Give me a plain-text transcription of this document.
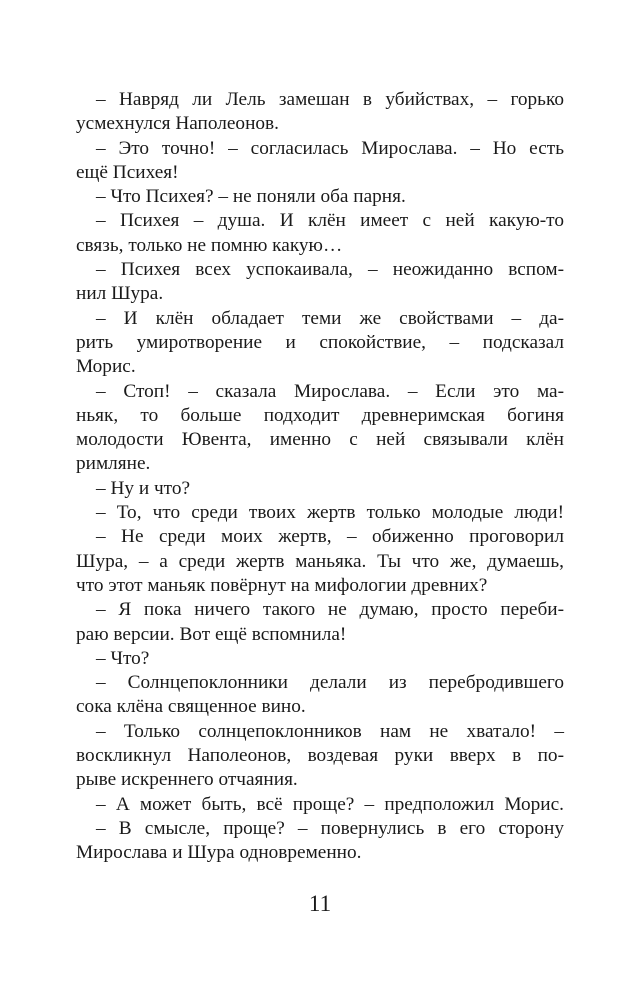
– Навряд ли Лель замешан в убийствах, – горько
усмехнулся Наполеонов.
– Это точно! – согласилась Мирослава. – Но есть
ещё Психея!
– Что Психея? – не поняли оба парня.
– Психея – душа. И клён имеет с ней какую-то
связь, только не помню какую…
– Психея всех успокаивала, – неожиданно вспом-
нил Шура.
– И клён обладает теми же свойствами – да-
рить умиротворение и спокойствие, – подсказал
Морис.
– Стоп! – сказала Мирослава. – Если это ма-
ньяк, то больше подходит древнеримская богиня
молодости Ювента, именно с ней связывали клён
римляне.
– Ну и что?
– То, что среди твоих жертв только молодые люди!
– Не среди моих жертв, – обиженно проговорил
Шура, – а среди жертв маньяка. Ты что же, думаешь,
что этот маньяк повёрнут на мифологии древних?
– Я пока ничего такого не думаю, просто переби-
раю версии. Вот ещё вспомнила!
– Что?
– Солнцепоклонники делали из перебродившего
сока клёна священное вино.
– Только солнцепоклонников нам не хватало! –
воскликнул Наполеонов, воздевая руки вверх в по-
рыве искреннего отчаяния.
– А может быть, всё проще? – предположил Морис.
– В смысле, проще? – повернулись в его сторону
Мирослава и Шура одновременно.
11
